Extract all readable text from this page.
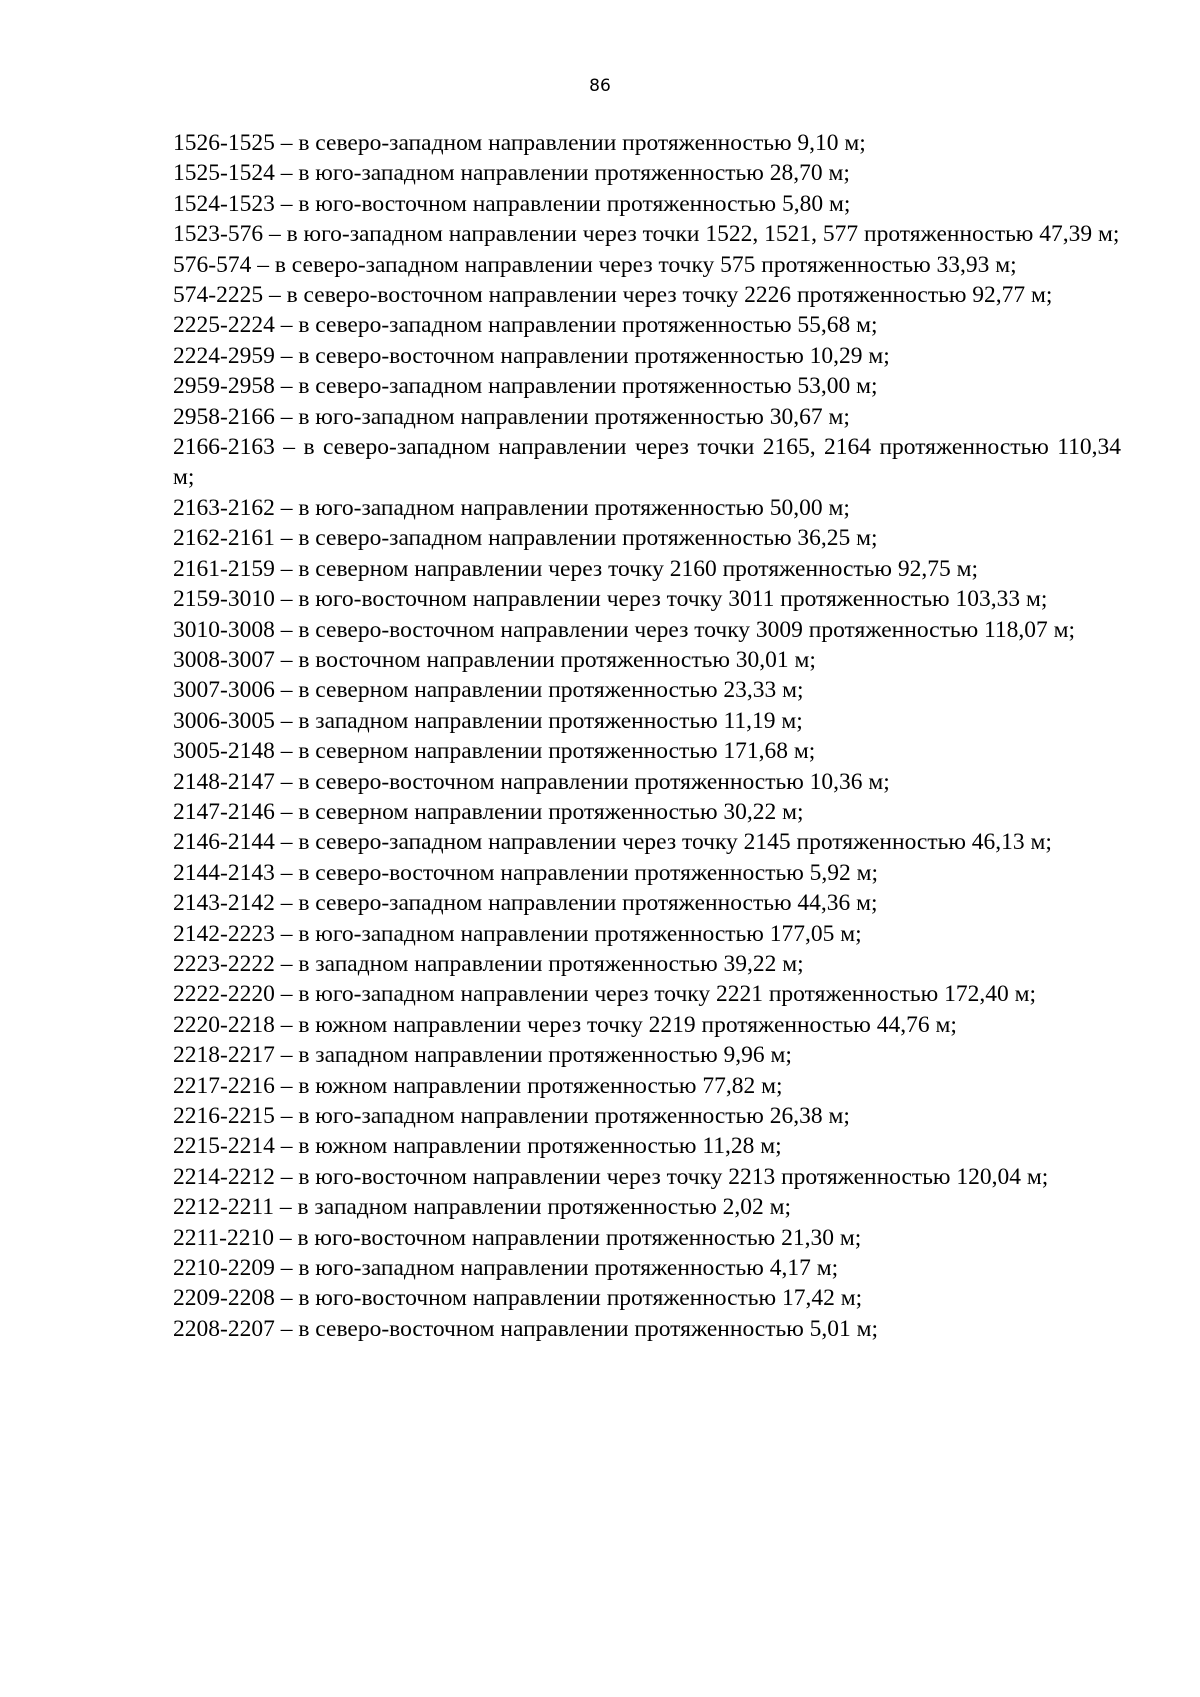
86

1526-1525 – в северо-западном направлении протяженностью 9,10 м;

1525-1524 – в юго-западном направлении протяженностью 28,70 м;

1524-1523 – в юго-восточном направлении протяженностью 5,80 м;

1523-576 – в юго-западном направлении через точки 1522, 1521, 577 протяженностью 47,39 м;

576-574 – в северо-западном направлении через точку 575 протяженностью 33,93 м;

574-2225 – в северо-восточном направлении через точку 2226 протяженностью 92,77 м;

2225-2224 – в северо-западном направлении протяженностью 55,68 м;

2224-2959 – в северо-восточном направлении протяженностью 10,29 м;

2959-2958 – в северо-западном направлении протяженностью 53,00 м;

2958-2166 – в юго-западном направлении протяженностью 30,67 м;

2166-2163 – в северо-западном направлении через точки 2165, 2164 протяженностью 110,34 м;

2163-2162 – в юго-западном направлении протяженностью 50,00 м;

2162-2161 – в северо-западном направлении протяженностью 36,25 м;

2161-2159 – в северном направлении через точку 2160 протяженностью 92,75 м;

2159-3010 – в юго-восточном направлении через точку 3011 протяженностью 103,33 м;

3010-3008 – в северо-восточном направлении через точку 3009 протяженностью 118,07 м;

3008-3007 – в восточном направлении протяженностью 30,01 м;

3007-3006 – в северном направлении протяженностью 23,33 м;

3006-3005 – в западном направлении протяженностью 11,19 м;

3005-2148 – в северном направлении протяженностью 171,68 м;

2148-2147 – в северо-восточном направлении протяженностью 10,36 м;

2147-2146 – в северном направлении протяженностью 30,22 м;

2146-2144 – в северо-западном направлении через точку 2145 протяженностью 46,13 м;

2144-2143 – в северо-восточном направлении протяженностью 5,92 м;

2143-2142 – в северо-западном направлении протяженностью 44,36 м;

2142-2223 – в юго-западном направлении протяженностью 177,05 м;

2223-2222 – в западном направлении протяженностью 39,22 м;

2222-2220 – в юго-западном направлении через точку 2221 протяженностью 172,40 м;

2220-2218 – в южном направлении через точку 2219 протяженностью 44,76 м;

2218-2217 – в западном направлении протяженностью 9,96 м;

2217-2216 – в южном направлении протяженностью 77,82 м;

2216-2215 – в юго-западном направлении протяженностью 26,38 м;

2215-2214 – в южном направлении протяженностью 11,28 м;

2214-2212 – в юго-восточном направлении через точку 2213 протяженностью 120,04 м;

2212-2211 – в западном направлении протяженностью 2,02 м;

2211-2210 – в юго-восточном направлении протяженностью 21,30 м;

2210-2209 – в юго-западном направлении протяженностью 4,17 м;

2209-2208 – в юго-восточном направлении протяженностью 17,42 м;

2208-2207 – в северо-восточном направлении протяженностью 5,01 м;
